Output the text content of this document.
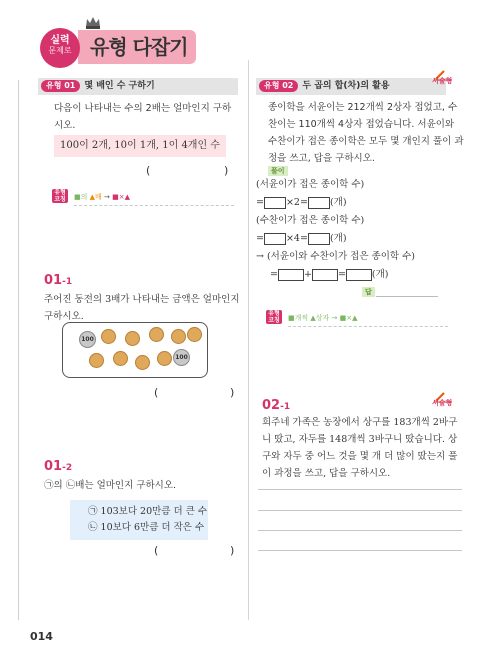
실력
문제로 유형 다잡기
유형 01 몇 배인 수 구하기
다음이 나타내는 수의 2배는 얼마인지 구하시오.
100이 2개, 10이 1개, 1이 4개인 수
(	)
유형
코칭	■의 ▲배 → ■×▲
01-1
주어진 동전의 3배가 나타내는 금액은 얼마인지 구하시오.
100
100
(	)
01-2
㉠의 ㉡배는 얼마인지 구하시오.
㉠ 103보다 20만큼 더 큰 수
㉡ 10보다 6만큼 더 작은 수
(	)
유형 02 두 곱의 합(차)의 활용	서술형
종이학을 서윤이는 212개씩 2상자 접었고, 수찬이는 110개씩 4상자 접었습니다. 서윤이와 수찬이가 접은 종이학은 모두 몇 개인지 풀이 과정을 쓰고, 답을 구하시오.
풀이
(서윤이가 접은 종이학 수)
= ×2= (개)
(수찬이가 접은 종이학 수)
= ×4= (개)
→ (서윤이와 수찬이가 접은 종이학 수)
=	+	=	(개)
답
유형
코칭	■개씩 ▲상자 → ■×▲
02-1	서술형
희주네 가족은 농장에서 상구를 183개씩 2바구니 땄고, 자두를 148개씩 3바구니 땄습니다. 상구와 자두 중 어느 것을 몇 개 더 많이 땄는지 풀이 과정을 쓰고, 답을 구하시오.
014
